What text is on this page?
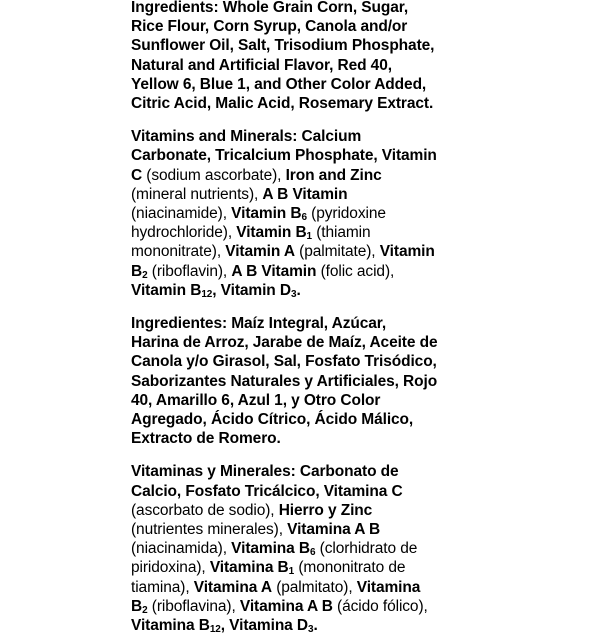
Ingredients: Whole Grain Corn, Sugar,
Rice Flour, Corn Syrup, Canola and/or
Sunflower Oil, Salt, Trisodium Phosphate,
Natural and Artificial Flavor, Red 40,
Yellow 6, Blue 1, and Other Color Added,
Citric Acid, Malic Acid, Rosemary Extract.
Vitamins and Minerals: Calcium
Carbonate, Tricalcium Phosphate, Vitamin
C (sodium ascorbate), Iron and Zinc
(mineral nutrients), A B Vitamin
(niacinamide), Vitamin $B_6$ (pyridoxine
hydrochloride), Vitamin $B_1$ (thiamin
mononitrate), Vitamin A (palmitate), Vitamin
$B_2$ (riboflavin), A B Vitamin (folic acid),
Vitamin $B_{12}$, Vitamin $D_3$.
Ingredientes: Maíz Integral, Azúcar,
Harina de Arroz, Jarabe de Maíz, Aceite de
Canola y/o Girasol, Sal, Fosfato Trisódico,
Saborizantes Naturales y Artificiales, Rojo
40, Amarillo 6, Azul 1, y Otro Color
Agregado, Ácido Cítrico, Ácido Málico,
Extracto de Romero.
Vitaminas y Minerales: Carbonato de
Calcio, Fosfato Tricálcico, Vitamina C
(ascorbato de sodio), Hierro y Zinc
(nutrientes minerales), Vitamina A B
(niacinamida), Vitamina $B_6$ (clorhidrato de
piridoxina), Vitamina $B_1$ (mononitrato de
tiamina), Vitamina A (palmitato), Vitamina
$B_2$ (riboflavina), Vitamina A B (ácido fólico),
Vitamina $B_{12}$, Vitamina $D_3$.
